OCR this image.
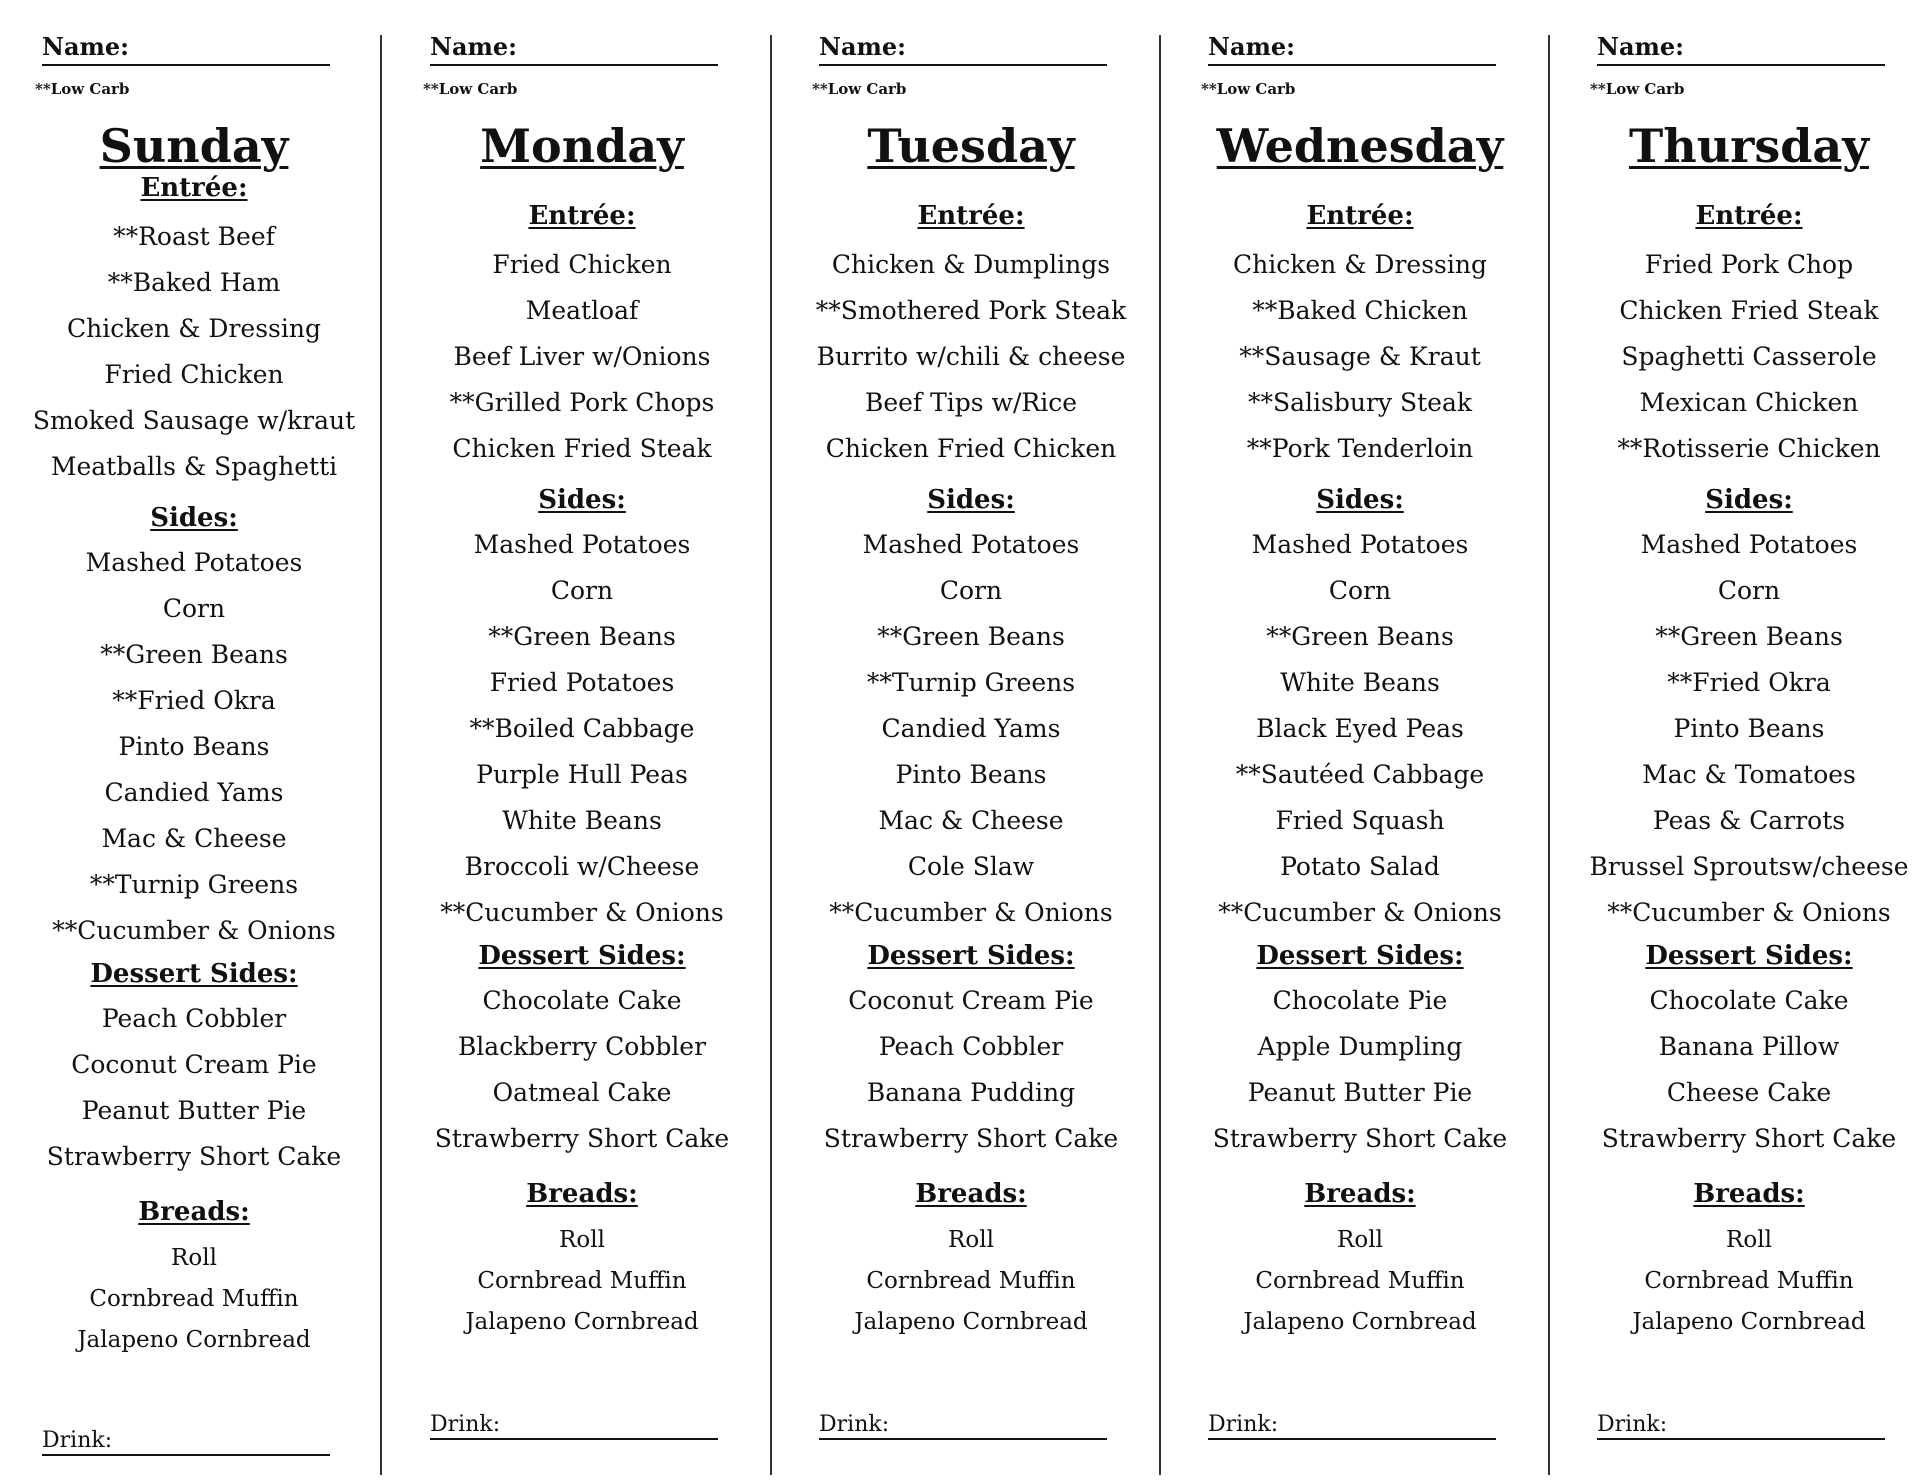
Name:
**Low Carb
Sunday
Entrée:
**Roast Beef
**Baked Ham
Chicken & Dressing
Fried Chicken
Smoked Sausage w/kraut
Meatballs & Spaghetti
Sides:
Mashed Potatoes
Corn
**Green Beans
**Fried Okra
Pinto Beans
Candied Yams
Mac & Cheese
**Turnip Greens
**Cucumber & Onions
Dessert Sides:
Peach Cobbler
Coconut Cream Pie
Peanut Butter Pie
Strawberry Short Cake
Breads:
Roll
Cornbread Muffin
Jalapeno Cornbread
Drink:
Name:
**Low Carb
Monday
Entrée:
Fried Chicken
Meatloaf
Beef Liver w/Onions
**Grilled Pork Chops
Chicken Fried Steak
Sides:
Mashed Potatoes
Corn
**Green Beans
Fried Potatoes
**Boiled Cabbage
Purple Hull Peas
White Beans
Broccoli w/Cheese
**Cucumber & Onions
Dessert Sides:
Chocolate Cake
Blackberry Cobbler
Oatmeal Cake
Strawberry Short Cake
Breads:
Roll
Cornbread Muffin
Jalapeno Cornbread
Drink:
Name:
**Low Carb
Tuesday
Entrée:
Chicken & Dumplings
**Smothered Pork Steak
Burrito w/chili & cheese
Beef Tips w/Rice
Chicken Fried Chicken
Sides:
Mashed Potatoes
Corn
**Green Beans
**Turnip Greens
Candied Yams
Pinto Beans
Mac & Cheese
Cole Slaw
**Cucumber & Onions
Dessert Sides:
Coconut Cream Pie
Peach Cobbler
Banana Pudding
Strawberry Short Cake
Breads:
Roll
Cornbread Muffin
Jalapeno Cornbread
Drink:
Name:
**Low Carb
Wednesday
Entrée:
Chicken & Dressing
**Baked Chicken
**Sausage & Kraut
**Salisbury Steak
**Pork Tenderloin
Sides:
Mashed Potatoes
Corn
**Green Beans
White Beans
Black Eyed Peas
**Sautéed Cabbage
Fried Squash
Potato Salad
**Cucumber & Onions
Dessert Sides:
Chocolate Pie
Apple Dumpling
Peanut Butter Pie
Strawberry Short Cake
Breads:
Roll
Cornbread Muffin
Jalapeno Cornbread
Drink:
Name:
**Low Carb
Thursday
Entrée:
Fried Pork Chop
Chicken Fried Steak
Spaghetti Casserole
Mexican Chicken
**Rotisserie Chicken
Sides:
Mashed Potatoes
Corn
**Green Beans
**Fried Okra
Pinto Beans
Mac & Tomatoes
Peas & Carrots
Brussel Sproutsw/cheese
**Cucumber & Onions
Dessert Sides:
Chocolate Cake
Banana Pillow
Cheese Cake
Strawberry Short Cake
Breads:
Roll
Cornbread Muffin
Jalapeno Cornbread
Drink:
